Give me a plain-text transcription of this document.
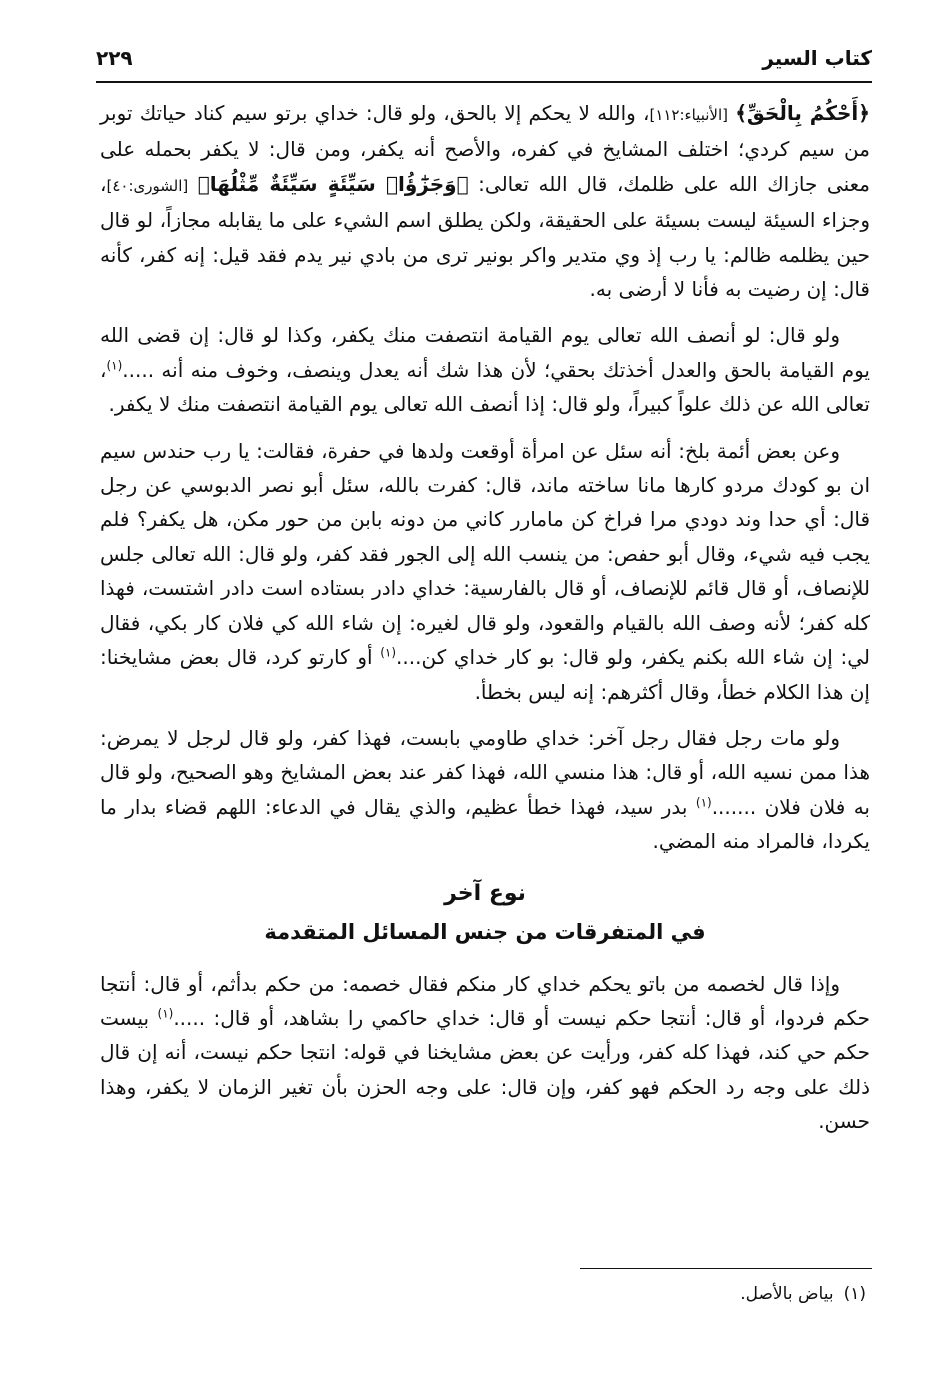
كتاب السير
٢٢٩

﴿أَحْكُمُ بِالْحَقِّ﴾ [الأنبياء:١١٢]، والله لا يحكم إلا بالحق، ولو قال: خداي برتو سيم كناد حياتك توبر من سيم كردي؛ اختلف المشايخ في كفره، والأصح أنه يكفر، ومن قال: لا يكفر بحمله على معنى جازاك الله على ظلمك، قال الله تعالى: ﴿وَجَزَٰٓؤُا۟ سَيِّئَةٍ سَيِّئَةٌ مِّثْلُهَا﴾ [الشورى:٤٠]، وجزاء السيئة ليست بسيئة على الحقيقة، ولكن يطلق اسم الشيء على ما يقابله مجازاً، لو قال حين يظلمه ظالم: يا رب إذ وي متدير واكر بونير ترى من بادي نير يدم فقد قيل: إنه كفر، كأنه قال: إن رضيت به فأنا لا أرضى به.

ولو قال: لو أنصف الله تعالى يوم القيامة انتصفت منك يكفر، وكذا لو قال: إن قضى الله يوم القيامة بالحق والعدل أخذتك بحقي؛ لأن هذا شك أنه يعدل وينصف، وخوف منه أنه .....$^{(١)}$، تعالى الله عن ذلك علواً كبيراً، ولو قال: إذا أنصف الله تعالى يوم القيامة انتصفت منك لا يكفر.

وعن بعض أئمة بلخ: أنه سئل عن امرأة أوقعت ولدها في حفرة، فقالت: يا رب حندس سيم ان بو كودك مردو كارها مانا ساخته ماند، قال: كفرت بالله، سئل أبو نصر الدبوسي عن رجل قال: أي حدا وند دودي مرا فراخ كن مامارر كاني من دونه بابن من حور مكن، هل يكفر؟ فلم يجب فيه شيء، وقال أبو حفص: من ينسب الله إلى الجور فقد كفر، ولو قال: الله تعالى جلس للإنصاف، أو قال قائم للإنصاف، أو قال بالفارسية: خداي دادر بستاده است دادر اشتست، فهذا كله كفر؛ لأنه وصف الله بالقيام والقعود، ولو قال لغيره: إن شاء الله كي فلان كار بكي، فقال لي: إن شاء الله بكنم يكفر، ولو قال: بو كار خداي كن....$^{(١)}$ أو كارتو كرد، قال بعض مشايخنا: إن هذا الكلام خطأ، وقال أكثرهم: إنه ليس بخطأ.

ولو مات رجل فقال رجل آخر: خداي طاومي بابست، فهذا كفر، ولو قال لرجل لا يمرض: هذا ممن نسيه الله، أو قال: هذا منسي الله، فهذا كفر عند بعض المشايخ وهو الصحيح، ولو قال به فلان فلان .......$^{(١)}$ بدر سيد، فهذا خطأ عظيم، والذي يقال في الدعاء: اللهم قضاء بدار ما يكردا، فالمراد منه المضي.

نوع آخر

في المتفرقات من جنس المسائل المتقدمة

وإذا قال لخصمه من باتو يحكم خداي كار منكم فقال خصمه: من حكم بدأثم، أو قال: أنتجا حكم فردوا، أو قال: أنتجا حكم نيست أو قال: خداي حاكمي را بشاهد، أو قال: .....$^{(١)}$ بيست حكم حي كند، فهذا كله كفر، ورأيت عن بعض مشايخنا في قوله: انتجا حكم نيست، أنه إن قال ذلك على وجه رد الحكم فهو كفر، وإن قال: على وجه الحزن بأن تغير الزمان لا يكفر، وهذا حسن.

(١)بياض بالأصل.
